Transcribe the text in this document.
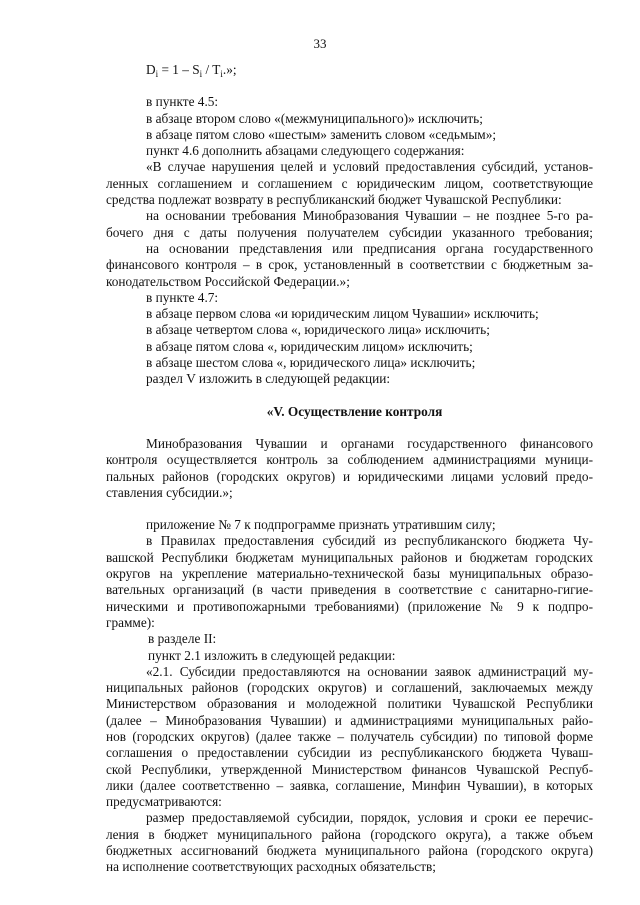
33
$D_i = 1 - S_i / T_i$.»;
в пункте 4.5:
в абзаце втором слово «(межмуниципального)» исключить;
в абзаце пятом слово «шестым» заменить словом «седьмым»;
пункт 4.6 дополнить абзацами следующего содержания:
«В случае нарушения целей и условий предоставления субсидий, установ-
ленных соглашением и соглашением с юридическим лицом, соответствующие
средства подлежат возврату в республиканский бюджет Чувашской Республики:
на основании требования Минобразования Чувашии – не позднее 5-го ра-
бочего дня с даты получения получателем субсидии указанного требования;
на основании представления или предписания органа государственного
финансового контроля – в срок, установленный в соответствии с бюджетным за-
конодательством Российской Федерации.»;
в пункте 4.7:
в абзаце первом слова «и юридическим лицом Чувашии» исключить;
в абзаце четвертом слова «, юридического лица» исключить;
в абзаце пятом слова «, юридическим лицом» исключить;
в абзаце шестом слова «, юридического лица» исключить;
раздел V изложить в следующей редакции:
«V. Осуществление контроля
Минобразования Чувашии и органами государственного финансового
контроля осуществляется контроль за соблюдением администрациями муници-
пальных районов (городских округов) и юридическими лицами условий предо-
ставления субсидии.»;
приложение № 7 к подпрограмме признать утратившим силу;
в Правилах предоставления субсидий из республиканского бюджета Чу-
вашской Республики бюджетам муниципальных районов и бюджетам городских
округов на укрепление материально-технической базы муниципальных образо-
вательных организаций (в части приведения в соответствие с санитарно-гигие-
ническими и противопожарными требованиями) (приложение № 9 к подпро-
грамме):
в разделе II:
пункт 2.1 изложить в следующей редакции:
«2.1. Субсидии предоставляются на основании заявок администраций му-
ниципальных районов (городских округов) и соглашений, заключаемых между
Министерством образования и молодежной политики Чувашской Республики
(далее – Минобразования Чувашии) и администрациями муниципальных райо-
нов (городских округов) (далее также – получатель субсидии) по типовой форме
соглашения о предоставлении субсидии из республиканского бюджета Чуваш-
ской Республики, утвержденной Министерством финансов Чувашской Респуб-
лики (далее соответственно – заявка, соглашение, Минфин Чувашии), в которых
предусматриваются:
размер предоставляемой субсидии, порядок, условия и сроки ее перечис-
ления в бюджет муниципального района (городского округа), а также объем
бюджетных ассигнований бюджета муниципального района (городского округа)
на исполнение соответствующих расходных обязательств;
